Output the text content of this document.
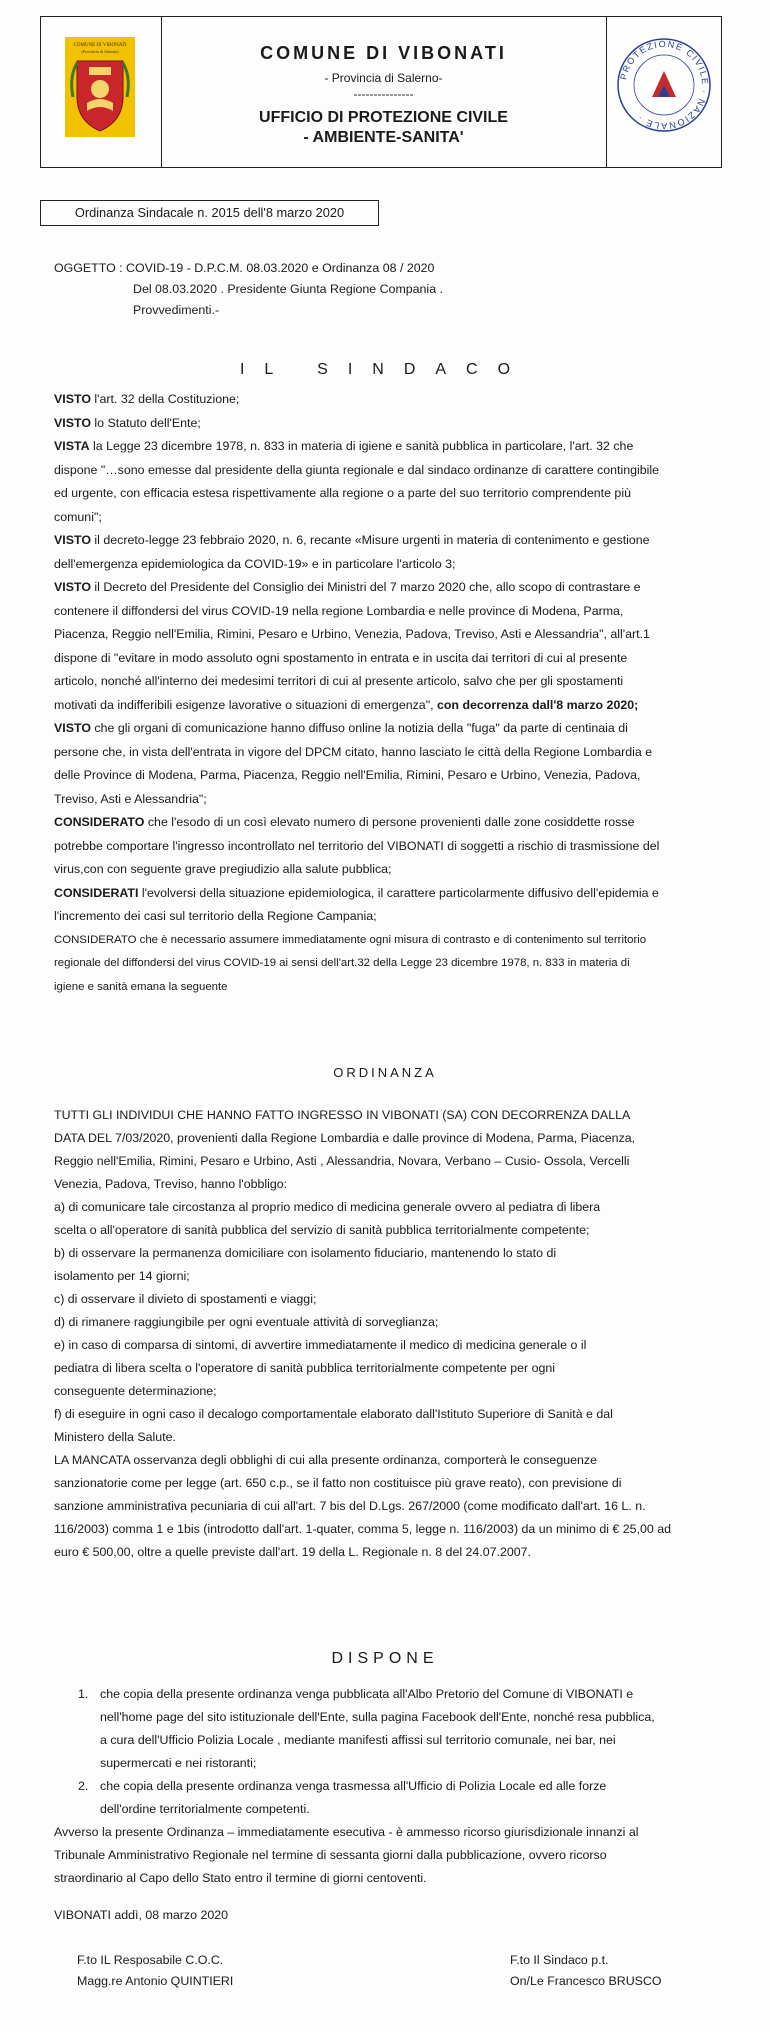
COMUNE DI VIBONATI
(Provincia di Salerno)	COMUNE DI VIBONATI
- Provincia di Salerno-
---------------
UFFICIO DI PROTEZIONE CIVILE
- AMBIENTE-SANITA'
PROTEZIONE CIVILE · NAZIONALE ·
Ordinanza Sindacale n. 2015 dell'8 marzo 2020
OGGETTO : COVID-19 - D.P.C.M. 08.03.2020 e Ordinanza 08 / 2020
Del 08.03.2020 . Presidente Giunta Regione Compania .
Provvedimenti.-
IL SINDACO

VISTO l'art. 32 della Costituzione;

VISTO lo Statuto dell'Ente;

VISTA la Legge 23 dicembre 1978, n. 833 in materia di igiene e sanità pubblica in particolare, l'art. 32 che

dispone "…sono emesse dal presidente della giunta regionale e dal sindaco ordinanze di carattere contingibile

ed urgente, con efficacia estesa rispettivamente alla regione o a parte del suo territorio comprendente più

comuni";

VISTO il decreto-legge 23 febbraio 2020, n. 6, recante «Misure urgenti in materia di contenimento e gestione

dell'emergenza epidemiologica da COVID-19» e in particolare l'articolo 3;

VISTO il Decreto del Presidente del Consiglio dei Ministri del 7 marzo 2020 che, allo scopo di contrastare e

contenere il diffondersi del virus COVID-19 nella regione Lombardia e nelle province di Modena, Parma,

Piacenza, Reggio nell'Emilia, Rimini, Pesaro e Urbino, Venezia, Padova, Treviso, Asti e Alessandria", all'art.1

dispone di "evitare in modo assoluto ogni spostamento in entrata e in uscita dai territori di cui al presente

articolo, nonché all'interno dei medesimi territori di cui al presente articolo, salvo che per gli spostamenti

motivati da indifferibili esigenze lavorative o situazioni di emergenza", con decorrenza dall'8 marzo 2020;

VISTO che gli organi di comunicazione hanno diffuso online la notizia della "fuga" da parte di centinaia di

persone che, in vista dell'entrata in vigore del DPCM citato, hanno lasciato le città della Regione Lombardia e

delle Province di Modena, Parma, Piacenza, Reggio nell'Emilia, Rimini, Pesaro e Urbino, Venezia, Padova,

Treviso, Asti e Alessandria";

CONSIDERATO che l'esodo di un così elevato numero di persone provenienti dalle zone cosiddette rosse

potrebbe comportare l'ingresso incontrollato nel territorio del VIBONATI di soggetti a rischio di trasmissione del

virus,con con seguente grave pregiudizio alla salute pubblica;

CONSIDERATI l'evolversi della situazione epidemiologica, il carattere particolarmente diffusivo dell'epidemia e

l'incremento dei casi sul territorio della Regione Campania;

CONSIDERATO che è necessario assumere immediatamente ogni misura di contrasto e di contenimento sul territorio

regionale del diffondersi del virus COVID-19 ai sensi dell'art.32 della Legge 23 dicembre 1978, n. 833 in materia di

igiene e sanità emana la seguente

ORDINANZA

TUTTI GLI INDIVIDUI CHE HANNO FATTO INGRESSO IN VIBONATI (SA) CON DECORRENZA DALLA

DATA DEL 7/03/2020, provenienti dalla Regione Lombardia e dalle province di Modena, Parma, Piacenza,

Reggio nell'Emilia, Rimini, Pesaro e Urbino, Asti , Alessandria, Novara, Verbano – Cusio- Ossola, Vercelli

Venezia, Padova, Treviso, hanno l'obbligo:

a) di comunicare tale circostanza al proprio medico di medicina generale ovvero al pediatra di libera

scelta o all'operatore di sanità pubblica del servizio di sanità pubblica territorialmente competente;

b) di osservare la permanenza domiciliare con isolamento fiduciario, mantenendo lo stato di

isolamento per 14 giorni;

c) di osservare il divieto di spostamenti e viaggi;

d) di rimanere raggiungibile per ogni eventuale attività di sorveglianza;

e) in caso di comparsa di sintomi, di avvertire immediatamente il medico di medicina generale o il

pediatra di libera scelta o l'operatore di sanità pubblica territorialmente competente per ogni

conseguente determinazione;

f) di eseguire in ogni caso il decalogo comportamentale elaborato dall'Istituto Superiore di Sanità e dal

Ministero della Salute.

LA MANCATA osservanza degli obblighi di cui alla presente ordinanza, comporterà le conseguenze

sanzionatorie come per legge (art. 650 c.p., se il fatto non costituisce più grave reato), con previsione di

sanzione amministrativa pecuniaria di cui all'art. 7 bis del D.Lgs. 267/2000 (come modificato dall'art. 16 L. n.

116/2003) comma 1 e 1bis (introdotto dall'art. 1-quater, comma 5, legge n. 116/2003) da un minimo di € 25,00 ad

euro € 500,00, oltre a quelle previste dall'art. 19 della L. Regionale n. 8 del 24.07.2007.

DISPONE

1. che copia della presente ordinanza venga pubblicata all'Albo Pretorio del Comune di VIBONATI e

nell'home page del sito istituzionale dell'Ente, sulla pagina Facebook dell'Ente, nonché resa pubblica,

a cura dell'Ufficio Polizia Locale , mediante manifesti affissi sul territorio comunale, nei bar, nei

supermercati e nei ristoranti;

2. che copia della presente ordinanza venga trasmessa all'Ufficio di Polizia Locale ed alle forze

dell'ordine territorialmente competenti.

Avverso la presente Ordinanza – immediatamente esecutiva - è ammesso ricorso giurisdizionale innanzi al

Tribunale Amministrativo Regionale nel termine di sessanta giorni dalla pubblicazione, ovvero ricorso

straordinario al Capo dello Stato entro il termine di giorni centoventi.

VIBONATI addì, 08 marzo 2020
F.to IL Resposabile C.O.C.
Magg.re Antonio QUINTIERI
F.to Il Sindaco p.t.
On/Le Francesco BRUSCO
